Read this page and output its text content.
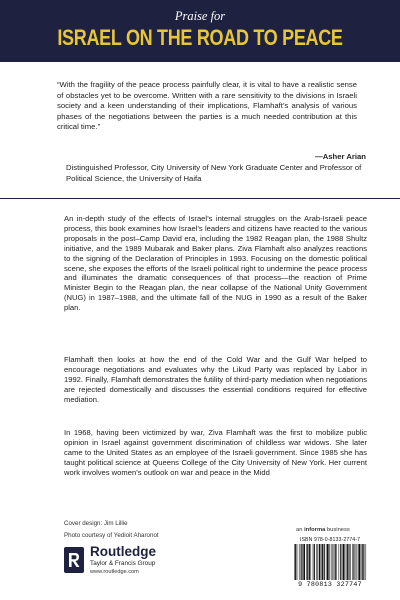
Praise for
ISRAEL ON THE ROAD TO PEACE
“With the fragility of the peace process painfully clear, it is vital to have a realistic sense of obstacles yet to be overcome. Written with a rare sensitivity to the divisions in Israeli society and a keen understanding of their implications, Flamhaft’s analysis of various phases of the negotiations between the parties is a much needed contribution at this critical time.”
—Asher Arian
Distinguished Professor, City University of New York Graduate Center and Professor of Political Science, the University of Haifa
An in-depth study of the effects of Israel’s internal struggles on the Arab-Israeli peace process, this book examines how Israel’s leaders and citizens have reacted to the various proposals in the post–Camp David era, including the 1982 Reagan plan, the 1988 Shultz initiative, and the 1989 Mubarak and Baker plans. Ziva Flamhaft also analyzes reactions to the signing of the Declaration of Principles in 1993. Focusing on the domestic political scene, she exposes the efforts of the Israeli political right to undermine the peace process and illuminates the dramatic consequences of that process—the reaction of Prime Minister Begin to the Reagan plan, the near collapse of the National Unity Government (NUG) in 1987–1988, and the ultimate fall of the NUG in 1990 as a result of the Baker plan.
Flamhaft then looks at how the end of the Cold War and the Gulf War helped to encourage negotiations and evaluates why the Likud Party was replaced by Labor in 1992. Finally, Flamhaft demonstrates the futility of third-party mediation when negotiations are rejected domestically and discusses the essential conditions required for effective mediation.
In 1968, having been victimized by war, Ziva Flamhaft was the first to mobilize public opinion in Israel against government discrimination of childless war widows. She later came to the United States as an employee of the Israeli government. Since 1985 she has taught political science at Queens College of the City University of New York. Her current work involves women’s outlook on war and peace in the Midd
Cover design: Jim Lillie
Photo courtesy of Yedioit Aharonot
an informa business
Routledge
Taylor & Francis Group
www.routledge.com
ISBN 978-0-8133-2774-7
9 780813 327747
